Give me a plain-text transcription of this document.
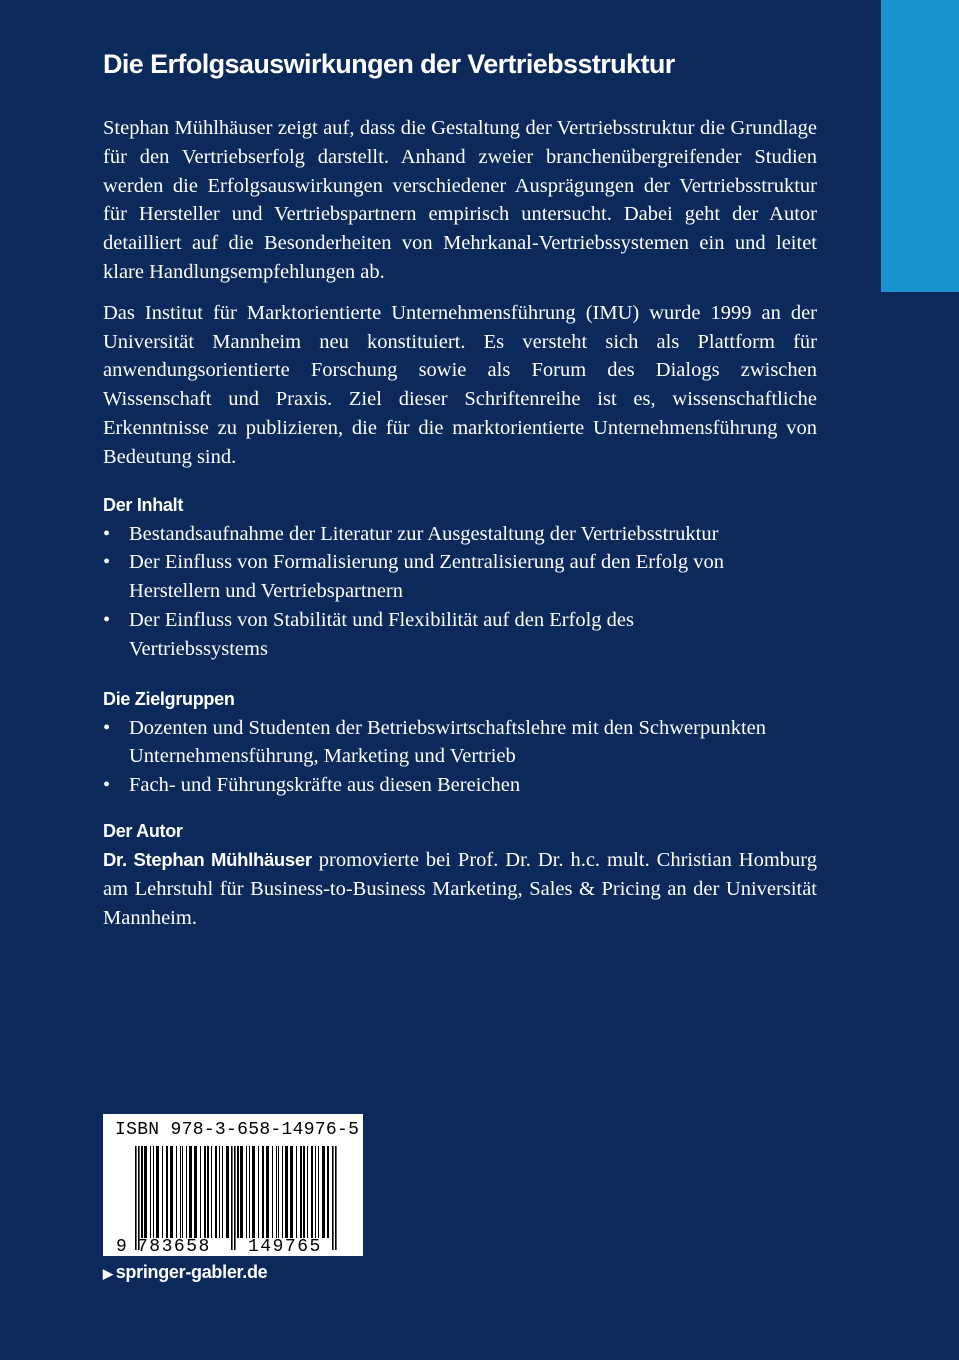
Die Erfolgsauswirkungen der Vertriebsstruktur

Stephan Mühlhäuser zeigt auf, dass die Gestaltung der Vertriebsstruktur die Grundlage für den Vertriebserfolg darstellt. Anhand zweier branchenübergreifender Studien werden die Erfolgsauswirkungen verschiedener Ausprägungen der Vertriebsstruktur für Hersteller und Vertriebspartnern empirisch untersucht. Dabei geht der Autor detailliert auf die Besonderheiten von Mehrkanal-Vertriebssystemen ein und leitet klare Handlungsempfehlungen ab.

Das Institut für Marktorientierte Unternehmensführung (IMU) wurde 1999 an der Universität Mannheim neu konstituiert. Es versteht sich als Plattform für anwendungsorientierte Forschung sowie als Forum des Dialogs zwischen Wissenschaft und Praxis. Ziel dieser Schriftenreihe ist es, wissenschaftliche Erkenntnisse zu publizieren, die für die marktorientierte Unternehmensführung von Bedeutung sind.

Der Inhalt
• Bestandsaufnahme der Literatur zur Ausgestaltung der Vertriebsstruktur
• Der Einfluss von Formalisierung und Zentralisierung auf den Erfolg von Herstellern und Vertriebspartnern
• Der Einfluss von Stabilität und Flexibilität auf den Erfolg des Vertriebssystems
Die Zielgruppen
• Dozenten und Studenten der Betriebswirtschaftslehre mit den Schwerpunkten Unternehmensführung, Marketing und Vertrieb
• Fach- und Führungskräfte aus diesen Bereichen
Der Autor

Dr. Stephan Mühlhäuser promovierte bei Prof. Dr. Dr. h.c. mult. Christian Homburg am Lehrstuhl für Business-to-Business Marketing, Sales & Pricing an der Universität Mannheim.

ISBN 978-3-658-14976-5
9 783658 149765
▶ springer-gabler.de
